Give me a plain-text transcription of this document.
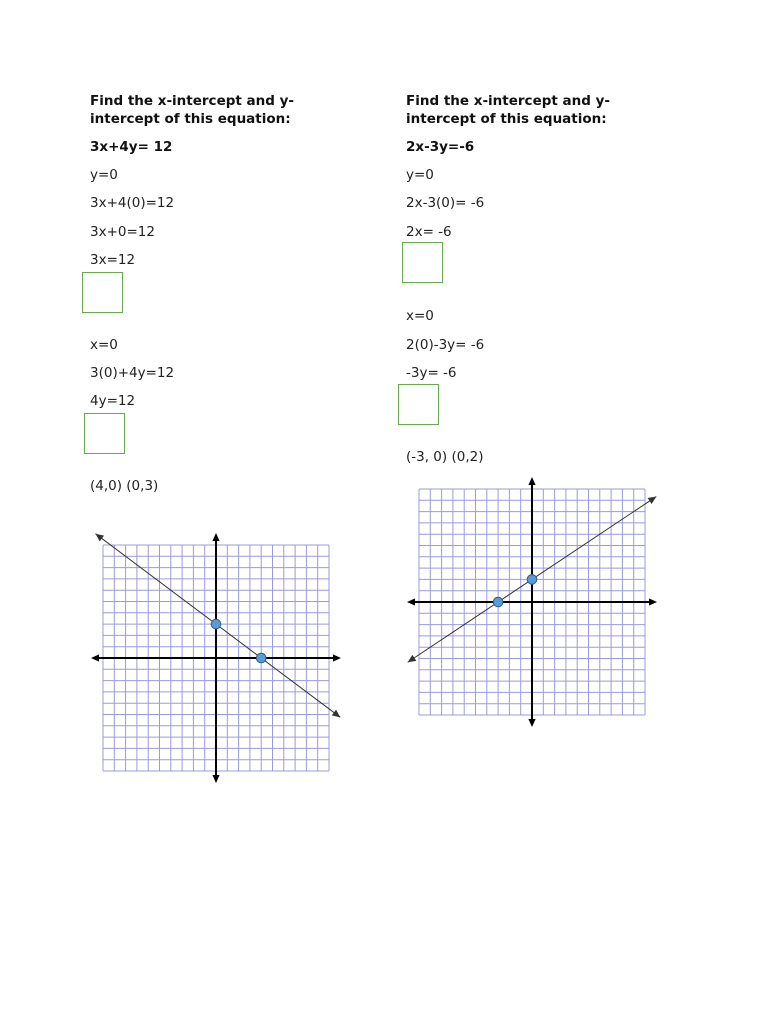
Find the x-intercept and y-

intercept of this equation:

3x+4y= 12

y=0

3x+4(0)=12

3x+0=12

3x=12

x=0

3(0)+4y=12

4y=12

(4,0) (0,3)

Find the x-intercept and y-

intercept of this equation:

2x-3y=-6

y=0

2x-3(0)= -6

2x= -6

x=0

2(0)-3y= -6

-3y= -6

(-3, 0) (0,2)
